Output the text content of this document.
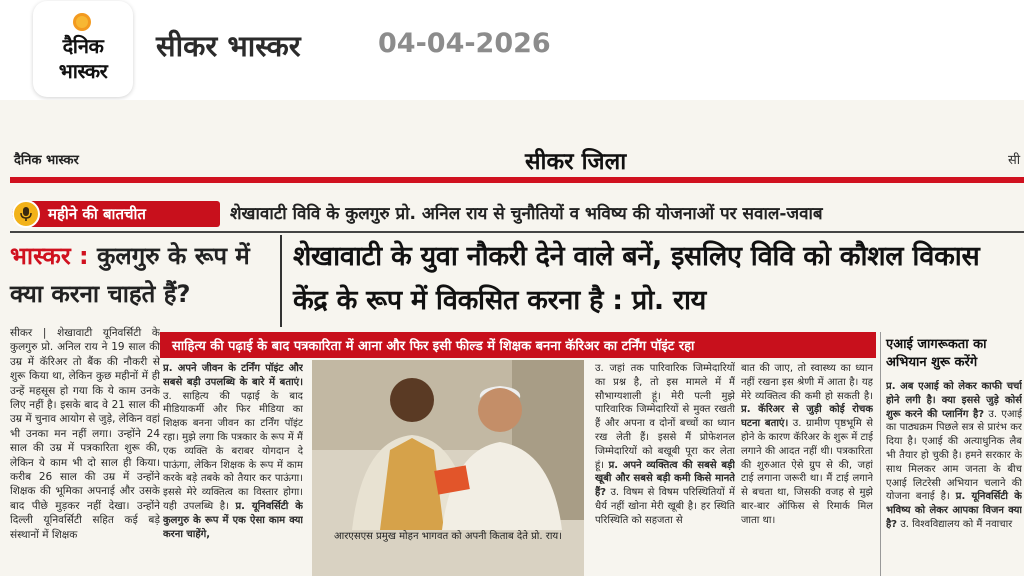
दैनिक
भास्कर
सीकर भास्कर	04-04-2026
दैनिक भास्कर	सीकर जिला	सी
महीने की बातचीत	शेखावाटी विवि के कुलगुरु प्रो. अनिल राय से चुनौतियों व भविष्य की योजनाओं पर सवाल-जवाब
भास्कर : कुलगुरु के रूप में क्या करना चाहते हैं?
शेखावाटी के युवा नौकरी देने वाले बनें, इसलिए विवि को कौशल विकास केंद्र के रूप में विकसित करना है : प्रो. राय
सीकर | शेखावाटी यूनिवर्सिटी के कुलगुरु प्रो. अनिल राय ने 19 साल की उम्र में कॅरिअर तो बैंक की नौकरी से शुरू किया था, लेकिन कुछ महीनों में ही उन्हें महसूस हो गया कि ये काम उनके लिए नहीं है। इसके बाद वे 21 साल की उम्र में चुनाव आयोग से जुड़े, लेकिन वहां भी उनका मन नहीं लगा। उन्होंने 24 साल की उम्र में पत्रकारिता शुरू की, लेकिन ये काम भी दो साल ही किया। करीब 26 साल की उम्र में उन्होंने शिक्षक की भूमिका अपनाई और उसके बाद पीछे मुड़कर नहीं देखा। उन्होंने दिल्ली यूनिवर्सिटी सहित कई बड़े संस्थानों में शिक्षक
साहित्य की पढ़ाई के बाद पत्रकारिता में आना और फिर इसी फील्ड में शिक्षक बनना कॅरिअर का टर्निंग पॉइंट रहा
प्र. अपने जीवन के टर्निंग पॉइंट और सबसे बड़ी उपलब्धि के बारे में बताएं। उ. साहित्य की पढ़ाई के बाद मीडियाकर्मी और फिर मीडिया का शिक्षक बनना जीवन का टर्निंग पॉइंट रहा। मुझे लगा कि पत्रकार के रूप में मैं एक व्यक्ति के बराबर योगदान दे पाऊंगा, लेकिन शिक्षक के रूप में काम करके बड़े तबके को तैयार कर पाऊंगा। इससे मेरे व्यक्तित्व का विस्तार होगा। यही उपलब्धि है। प्र. यूनिवर्सिटी के कुलगुरु के रूप में एक ऐसा काम क्या करना चाहेंगे,	आरएसएस प्रमुख मोहन भागवत को अपनी किताब देते प्रो. राय।
उ. जहां तक पारिवारिक जिम्मेदारियों का प्रश्न है, तो इस मामले में मैं सौभाग्यशाली हूं। मेरी पत्नी मुझे पारिवारिक जिम्मेदारियों से मुक्त रखती हैं और अपना व दोनों बच्चों का ध्यान रख लेती हैं। इससे मैं प्रोफेशनल जिम्मेदारियों को बखूबी पूरा कर लेता हूं। प्र. अपने व्यक्तित्व की सबसे बड़ी खूबी और सबसे बड़ी कमी किसे मानते हैं? उ. विषम से विषम परिस्थितियों में धैर्य नहीं खोना मेरी खूबी है। हर स्थिति परिस्थिति को सहजता से
बात की जाए, तो स्वास्थ्य का ध्यान नहीं रखना इस श्रेणी में आता है। यह मेरे व्यक्तित्व की कमी हो सकती है। प्र. कॅरिअर से जुड़ी कोई रोचक घटना बताएं। उ. ग्रामीण पृष्ठभूमि से होने के कारण कॅरिअर के शुरू में टाई लगाने की आदत नहीं थी। पत्रकारिता की शुरुआत ऐसे ग्रुप से की, जहां टाई लगाना जरूरी था। मैं टाई लगाने से बचता था, जिसकी वजह से मुझे बार-बार ऑफिस से रिमार्क मिल जाता था।
एआई जागरूकता का अभियान शुरू करेंगे
प्र. अब एआई को लेकर काफी चर्चा होने लगी है। क्या इससे जुड़े कोर्स शुरू करने की प्लानिंग है? उ. एआई का पाठ्यक्रम पिछले सत्र से प्रारंभ कर दिया है। एआई की अत्याधुनिक लैब भी तैयार हो चुकी है। हमने सरकार के साथ मिलकर आम जनता के बीच एआई लिटरेसी अभियान चलाने की योजना बनाई है। प्र. यूनिवर्सिटी के भविष्य को लेकर आपका विजन क्या है? उ. विश्वविद्यालय को मैं नवाचार
